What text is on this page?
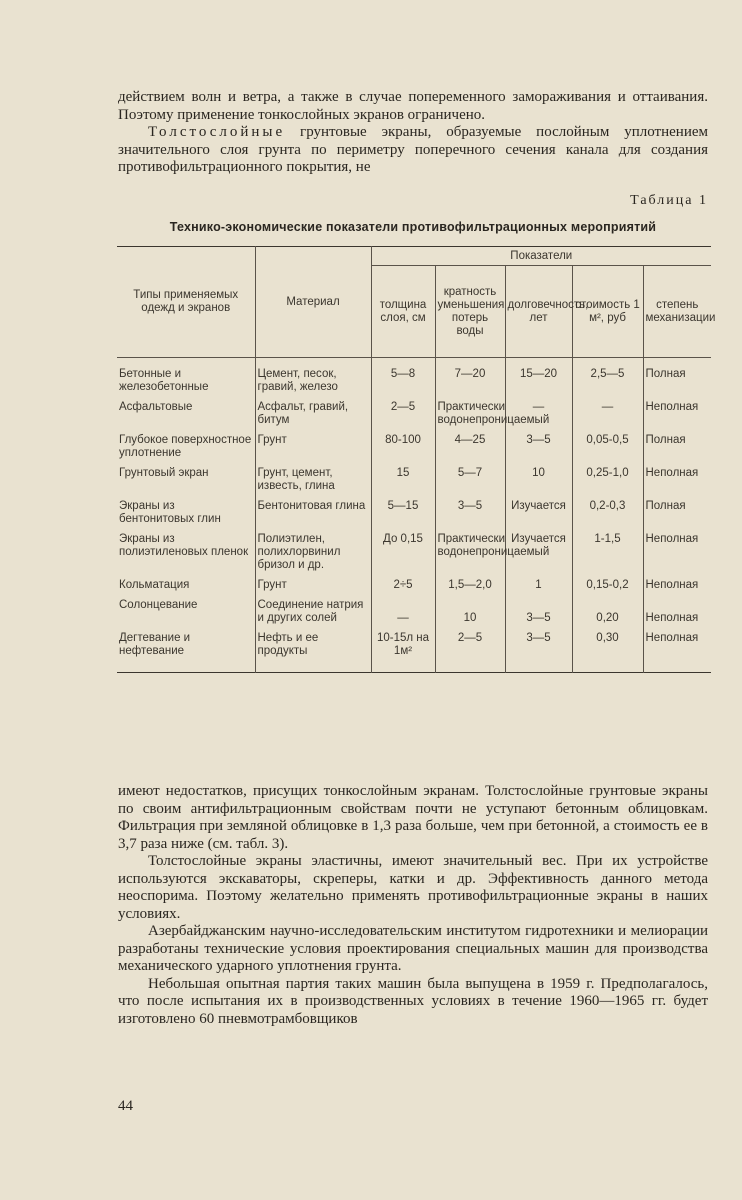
действием волн и ветра, а также в случае попеременного замораживания и оттаивания. Поэтому применение тонкослойных экранов ограничено.

Толстослойные грунтовые экраны, образуемые послойным уплотнением значительного слоя грунта по периметру поперечного сечения канала для создания противофильтрационного покрытия, не

Таблица 1
Технико-экономические показатели противофильтрационных мероприятий
Типы применяемых одежд и экранов	Материал	Показатели				
		толщина слоя, см	кратность уменьшения потерь воды	долговечность, лет	стоимость 1 м², руб	степень механизации
Бетонные и железобетонные	Цемент, песок, гравий, железо	5—8	7—20	15—20	2,5—5	Полная
Асфальтовые	Асфальт, гравий, битум	2—5	Практически водонепроницаемый	—	—	Неполная
Глубокое поверхностное уплотнение	Грунт	80-100	4—25	3—5	0,05-0,5	Полная
Грунтовый экран	Грунт, цемент, известь, глина	15	5—7	10	0,25-1,0	Неполная
Экраны из бентонитовых глин	Бентонитовая глина	5—15	3—5	Изучается	0,2-0,3	Полная
Экраны из полиэтиленовых пленок	Полиэтилен, полихлорвинил бризол и др.	До 0,15	Практически водонепроницаемый	Изучается	1-1,5	Неполная
Кольматация	Грунт	2÷5	1,5—2,0	1	0,15-0,2	Неполная
Солонцевание	Соединение натрия и других солей	—	10	3—5	0,20	Неполная
Дегтевание и нефтевание	Нефть и ее продукты	10-15л на 1м²	2—5	3—5	0,30	Неполная

имеют недостатков, присущих тонкослойным экранам. Толстослойные грунтовые экраны по своим антифильтрационным свойствам почти не уступают бетонным облицовкам. Фильтрация при земляной облицовке в 1,3 раза больше, чем при бетонной, а стоимость ее в 3,7 раза ниже (см. табл. 3).

Толстослойные экраны эластичны, имеют значительный вес. При их устройстве используются экскаваторы, скреперы, катки и др. Эффективность данного метода неоспорима. Поэтому желательно применять противофильтрационные экраны в наших условиях.

Азербайджанским научно-исследовательским институтом гидротехники и мелиорации разработаны технические условия проектирования специальных машин для производства механического ударного уплотнения грунта.

Небольшая опытная партия таких машин была выпущена в 1959 г. Предполагалось, что после испытания их в производственных условиях в течение 1960—1965 гг. будет изготовлено 60 пневмотрамбовщиков

44
